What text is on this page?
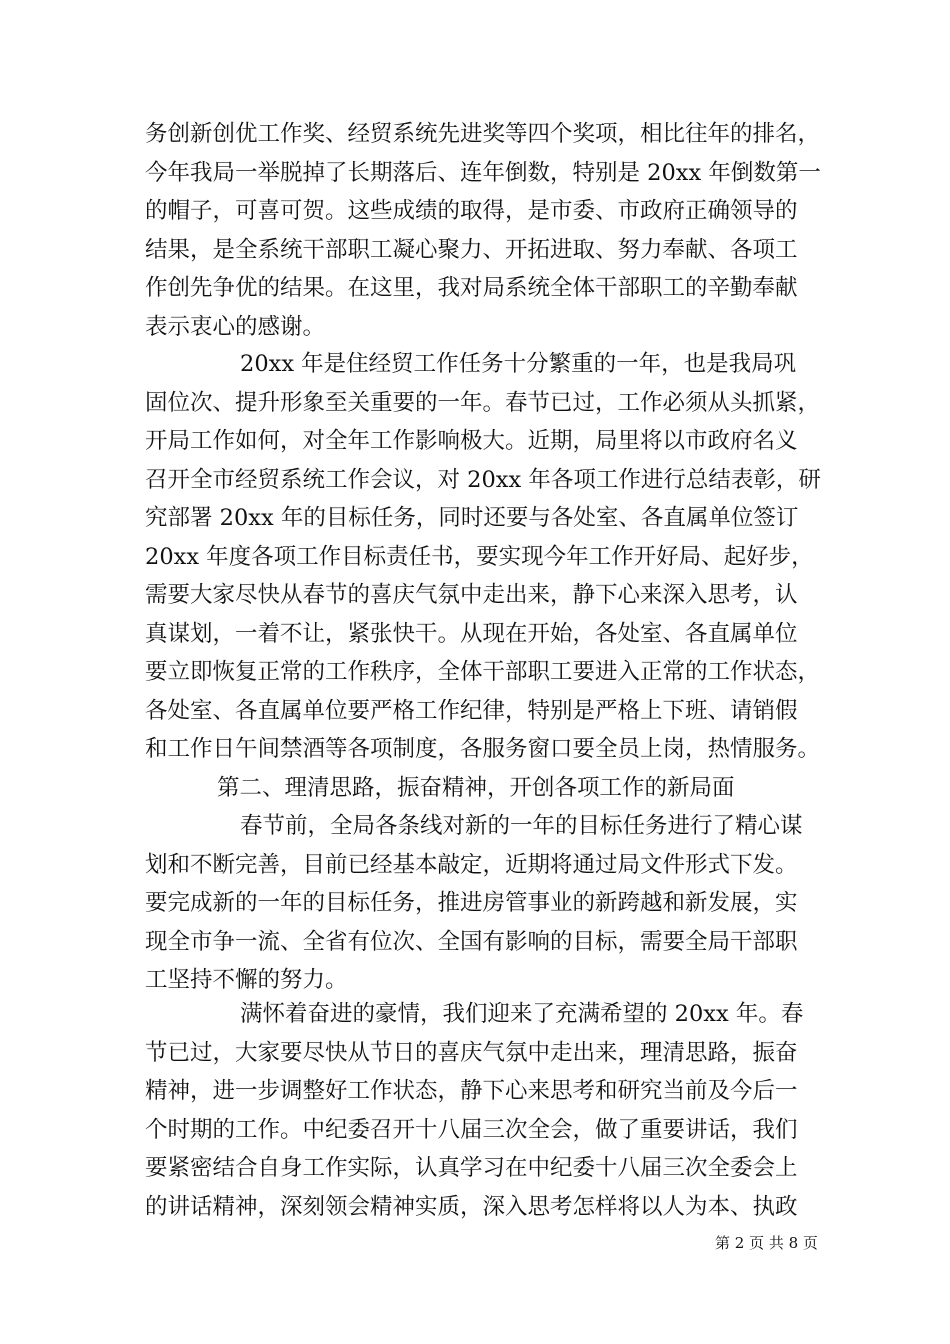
务创新创优工作奖、经贸系统先进奖等四个奖项，相比往年的排名，
今年我局一举脱掉了长期落后、连年倒数，特别是 20xx 年倒数第一
的帽子，可喜可贺。这些成绩的取得，是市委、市政府正确领导的
结果，是全系统干部职工凝心聚力、开拓进取、努力奉献、各项工
作创先争优的结果。在这里，我对局系统全体干部职工的辛勤奉献
表示衷心的感谢。
20xx 年是住经贸工作任务十分繁重的一年，也是我局巩
固位次、提升形象至关重要的一年。春节已过，工作必须从头抓紧，
开局工作如何，对全年工作影响极大。近期，局里将以市政府名义
召开全市经贸系统工作会议，对 20xx 年各项工作进行总结表彰，研
究部署 20xx 年的目标任务，同时还要与各处室、各直属单位签订
20xx 年度各项工作目标责任书，要实现今年工作开好局、起好步，
需要大家尽快从春节的喜庆气氛中走出来，静下心来深入思考，认
真谋划，一着不让，紧张快干。从现在开始，各处室、各直属单位
要立即恢复正常的工作秩序，全体干部职工要进入正常的工作状态，
各处室、各直属单位要严格工作纪律，特别是严格上下班、请销假
和工作日午间禁酒等各项制度，各服务窗口要全员上岗，热情服务。
第二、理清思路，振奋精神，开创各项工作的新局面
春节前，全局各条线对新的一年的目标任务进行了精心谋
划和不断完善，目前已经基本敲定，近期将通过局文件形式下发。
要完成新的一年的目标任务，推进房管事业的新跨越和新发展，实
现全市争一流、全省有位次、全国有影响的目标，需要全局干部职
工坚持不懈的努力。
满怀着奋进的豪情，我们迎来了充满希望的 20xx 年。春
节已过，大家要尽快从节日的喜庆气氛中走出来，理清思路，振奋
精神，进一步调整好工作状态，静下心来思考和研究当前及今后一
个时期的工作。中纪委召开十八届三次全会，做了重要讲话，我们
要紧密结合自身工作实际，认真学习在中纪委十八届三次全委会上
的讲话精神，深刻领会精神实质，深入思考怎样将以人为本、执政
第 2 页 共 8 页
